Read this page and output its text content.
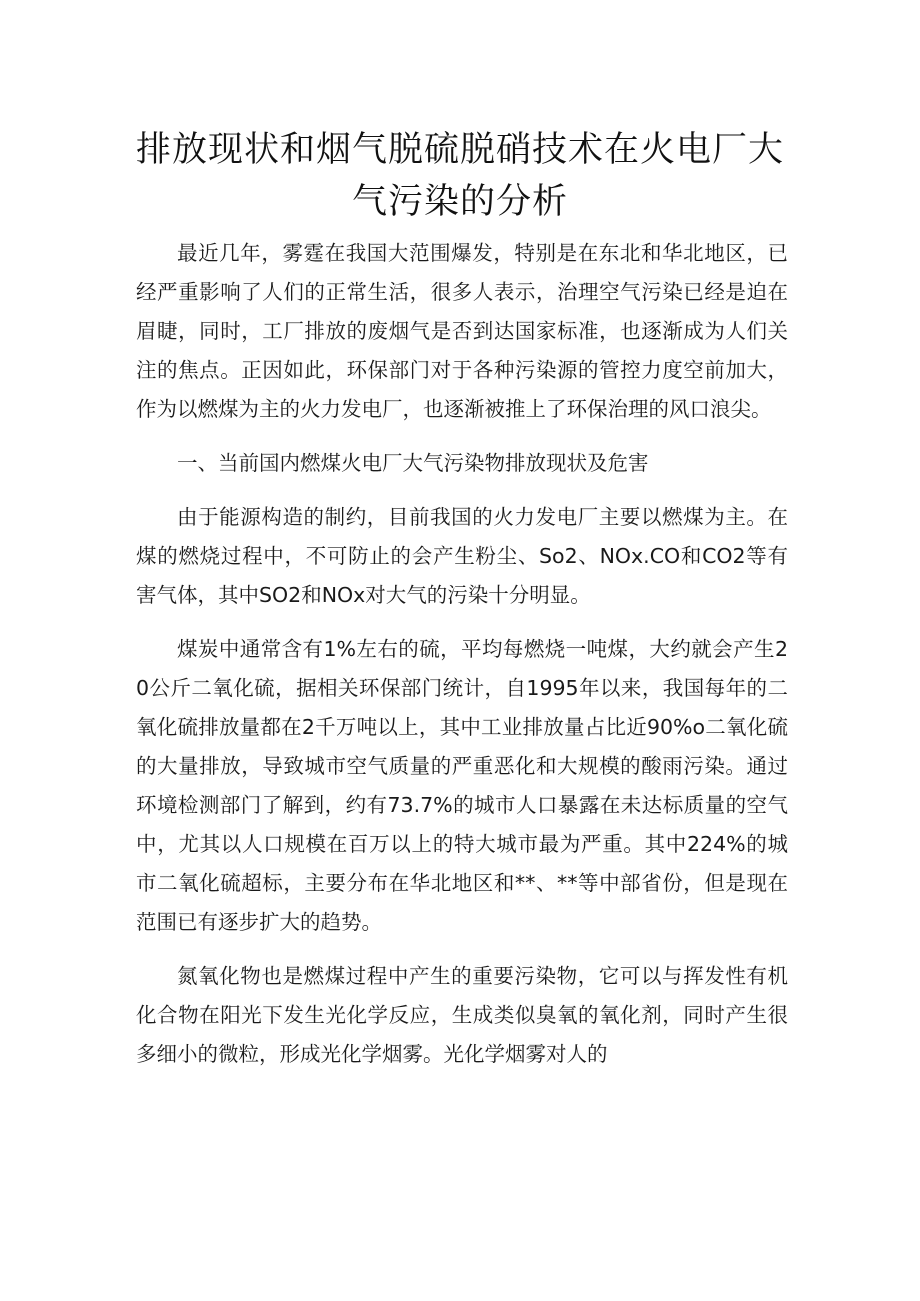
排放现状和烟气脱硫脱硝技术在火电厂大
气污染的分析

最近几年，雾霆在我国大范围爆发，特别是在东北和华北地区，已经严重影响了人们的正常生活，很多人表示，治理空气污染已经是迫在眉睫，同时，工厂排放的废烟气是否到达国家标准，也逐渐成为人们关注的焦点。正因如此，环保部门对于各种污染源的管控力度空前加大，作为以燃煤为主的火力发电厂，也逐渐被推上了环保治理的风口浪尖。

一、当前国内燃煤火电厂大气污染物排放现状及危害

由于能源构造的制约，目前我国的火力发电厂主要以燃煤为主。在煤的燃烧过程中，不可防止的会产生粉尘、So2、NOx.CO和CO2等有害气体，其中SO2和NOx对大气的污染十分明显。

煤炭中通常含有1%左右的硫，平均每燃烧一吨煤，大约就会产生20公斤二氧化硫，据相关环保部门统计，自1995年以来，我国每年的二氧化硫排放量都在2千万吨以上，其中工业排放量占比近90%o二氧化硫的大量排放，导致城市空气质量的严重恶化和大规模的酸雨污染。通过环境检测部门了解到，约有73.7%的城市人口暴露在未达标质量的空气中，尤其以人口规模在百万以上的特大城市最为严重。其中224%的城市二氧化硫超标，主要分布在华北地区和**、**等中部省份，但是现在范围已有逐步扩大的趋势。

氮氧化物也是燃煤过程中产生的重要污染物，它可以与挥发性有机化合物在阳光下发生光化学反应，生成类似臭氧的氧化剂，同时产生很多细小的微粒，形成光化学烟雾。光化学烟雾对人的
